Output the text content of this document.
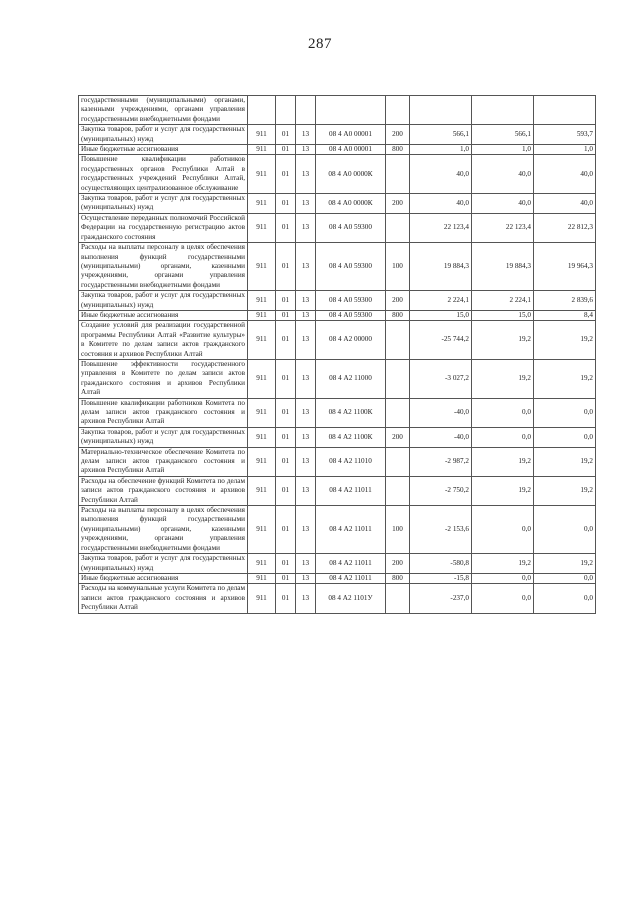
287
государственными (муниципальными) органами, казенными учреждениями, органами управления государственными внебюджетными фондами								
Закупка товаров, работ и услуг для государственных (муниципальных) нужд	911	01	13	08 4 А0 00001	200	566,1	566,1	593,7
Иные бюджетные ассигнования	911	01	13	08 4 А0 00001	800	1,0	1,0	1,0
Повышение квалификации работников государственных органов Республики Алтай в государственных учреждений Республики Алтай, осуществляющих централизованное обслуживание	911	01	13	08 4 А0 0000К		40,0	40,0	40,0
Закупка товаров, работ и услуг для государственных (муниципальных) нужд	911	01	13	08 4 А0 0000К	200	40,0	40,0	40,0
Осуществление переданных полномочий Российской Федерации на государственную регистрацию актов гражданского состояния	911	01	13	08 4 А0 59300		22 123,4	22 123,4	22 812,3
Расходы на выплаты персоналу в целях обеспечения выполнения функций государственными (муниципальными) органами, казенными учреждениями, органами управления государственными внебюджетными фондами	911	01	13	08 4 А0 59300	100	19 884,3	19 884,3	19 964,3
Закупка товаров, работ и услуг для государственных (муниципальных) нужд	911	01	13	08 4 А0 59300	200	2 224,1	2 224,1	2 839,6
Иные бюджетные ассигнования	911	01	13	08 4 А0 59300	800	15,0	15,0	8,4
Создание условий для реализации государственной программы Республики Алтай «Развитие культуры» в Комитете по делам записи актов гражданского состояния и архивов Республики Алтай	911	01	13	08 4 А2 00000		-25 744,2	19,2	19,2
Повышение эффективности государственного управления в Комитете по делам записи актов гражданского состояния и архивов Республики Алтай	911	01	13	08 4 А2 11000		-3 027,2	19,2	19,2
Повышение квалификации работников Комитета по делам записи актов гражданского состояния и архивов Республики Алтай	911	01	13	08 4 А2 1100К		-40,0	0,0	0,0
Закупка товаров, работ и услуг для государственных (муниципальных) нужд	911	01	13	08 4 А2 1100К	200	-40,0	0,0	0,0
Материально-техническое обеспечение Комитета по делам записи актов гражданского состояния и архивов Республики Алтай	911	01	13	08 4 А2 11010		-2 987,2	19,2	19,2
Расходы на обеспечение функций Комитета по делам записи актов гражданского состояния и архивов Республики Алтай	911	01	13	08 4 А2 11011		-2 750,2	19,2	19,2
Расходы на выплаты персоналу в целях обеспечения выполнения функций государственными (муниципальными) органами, казенными учреждениями, органами управления государственными внебюджетными фондами	911	01	13	08 4 А2 11011	100	-2 153,6	0,0	0,0
Закупка товаров, работ и услуг для государственных (муниципальных) нужд	911	01	13	08 4 А2 11011	200	-580,8	19,2	19,2
Иные бюджетные ассигнования	911	01	13	08 4 А2 11011	800	-15,8	0,0	0,0
Расходы на коммунальные услуги Комитета по делам записи актов гражданского состояния и архивов Республики Алтай	911	01	13	08 4 А2 1101У		-237,0	0,0	0,0
